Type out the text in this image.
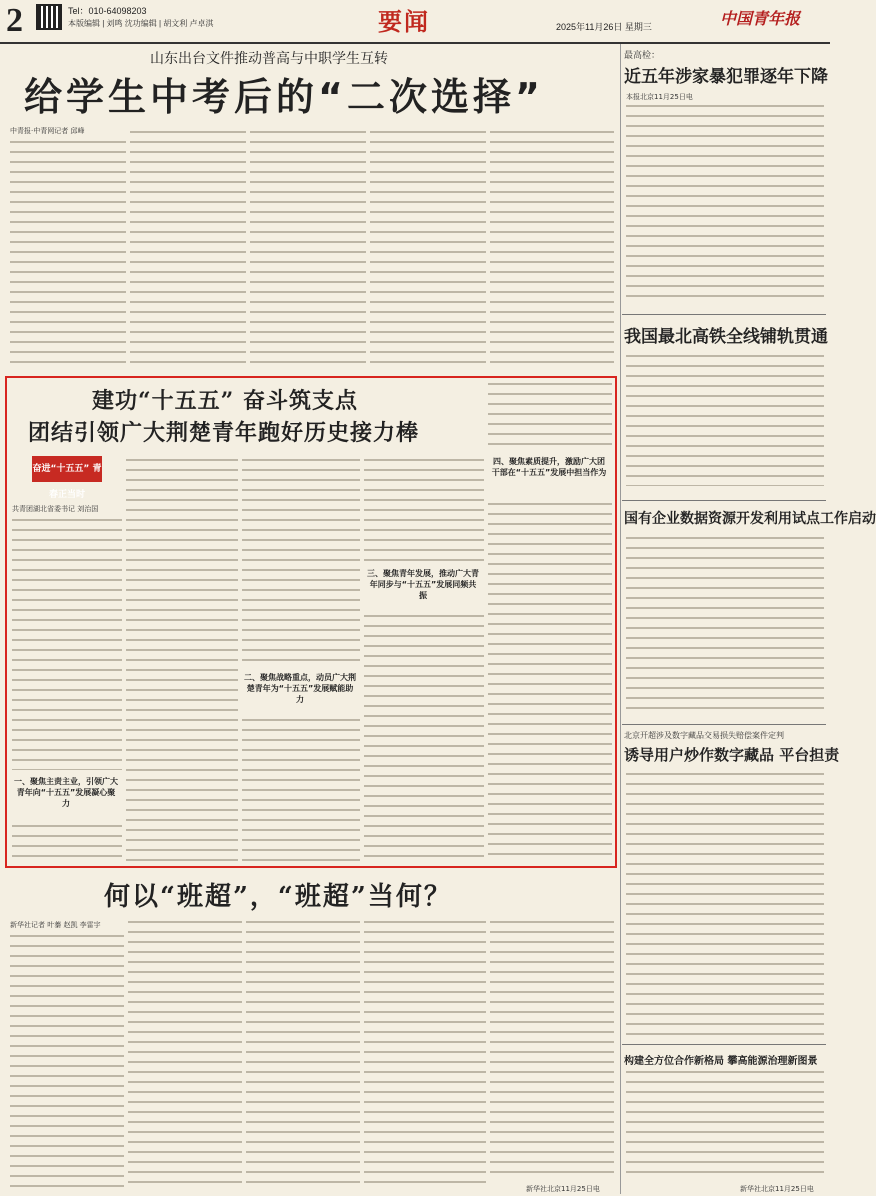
2	Tel：010-64098203
本版编辑 | 刘鸣 沈功编辑 | 胡文利 卢卓淇	要闻	2025年11月26日 星期三	中国青年报
山东出台文件推动普高与中职学生互转
给学生中考后的“二次选择”
中青报·中青网记者 邱峰
建功“十五五” 奋斗筑支点
团结引领广大荆楚青年跑好历史接力棒
奋进“十五五” 青春正当时
共青团湖北省委书记 刘治国
一、聚焦主责主业，引领广大青年向“十五五”发展凝心聚力
二、聚焦战略重点，动员广大荆楚青年为“十五五”发展赋能助力
三、聚焦青年发展，推动广大青年同步与“十五五”发展同频共振
四、聚焦素质提升，激励广大团干部在“十五五”发展中担当作为
何以“班超”，“班超”当何？
新华社记者 叶蓁 赵凯 李雷宇
新华社北京11月25日电
最高检：
近五年涉家暴犯罪逐年下降
本报北京11月25日电
我国最北高铁全线铺轨贯通
国有企业数据资源开发利用试点工作启动
北京开超涉及数字藏品交易损失赔偿案件定判
诱导用户炒作数字藏品 平台担责
构建全方位合作新格局 攀高能源治理新图景
新华社北京11月25日电
